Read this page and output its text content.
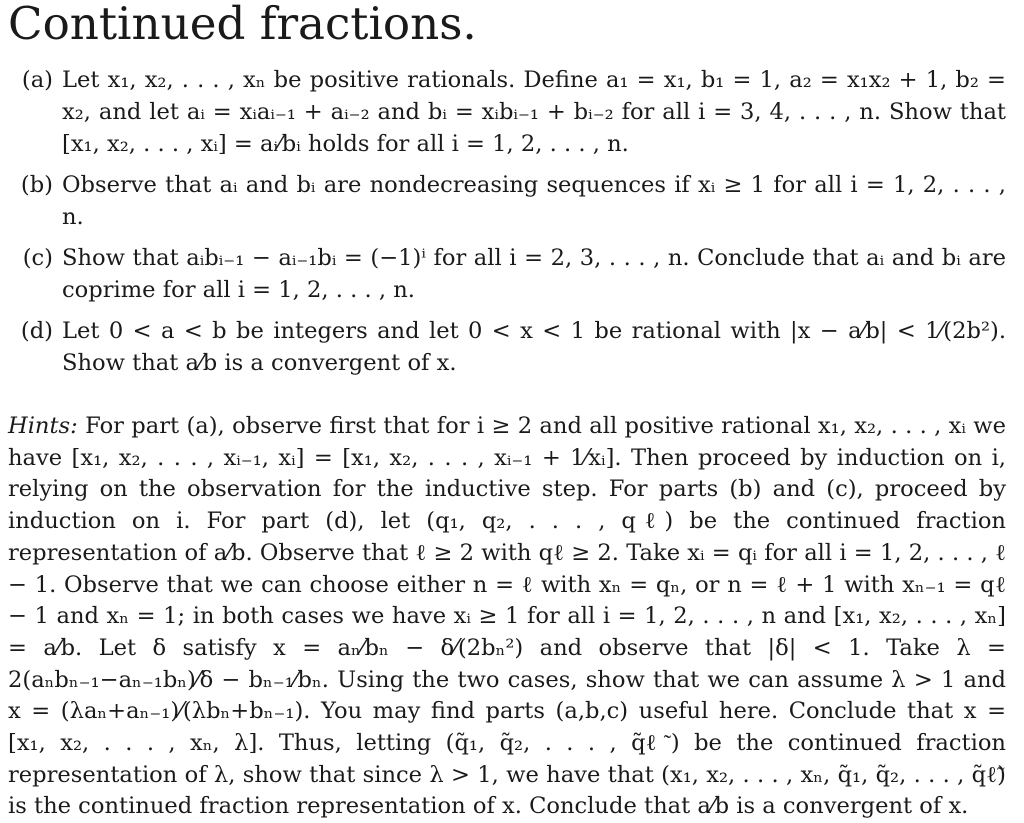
Continued fractions.
(a) Let x₁, x₂, . . . , xₙ be positive rationals. Define a₁ = x₁, b₁ = 1, a₂ = x₁x₂ + 1, b₂ = x₂, and let aᵢ = xᵢaᵢ₋₁ + aᵢ₋₂ and bᵢ = xᵢbᵢ₋₁ + bᵢ₋₂ for all i = 3, 4, . . . , n. Show that [x₁, x₂, . . . , xᵢ] = aᵢ⁄bᵢ holds for all i = 1, 2, . . . , n.
(b) Observe that aᵢ and bᵢ are nondecreasing sequences if xᵢ ≥ 1 for all i = 1, 2, . . . , n.
(c) Show that aᵢbᵢ₋₁ − aᵢ₋₁bᵢ = (−1)ⁱ for all i = 2, 3, . . . , n. Conclude that aᵢ and bᵢ are coprime for all i = 1, 2, . . . , n.
(d) Let 0 < a < b be integers and let 0 < x < 1 be rational with |x − a⁄b| < 1⁄(2b²). Show that a⁄b is a convergent of x.

Hints: For part (a), observe first that for i ≥ 2 and all positive rational x₁, x₂, . . . , xᵢ we have [x₁, x₂, . . . , xᵢ₋₁, xᵢ] = [x₁, x₂, . . . , xᵢ₋₁ + 1⁄xᵢ]. Then proceed by induction on i, relying on the observation for the inductive step. For parts (b) and (c), proceed by induction on i. For part (d), let (q₁, q₂, . . . , qℓ) be the continued fraction representation of a⁄b. Observe that ℓ ≥ 2 with qℓ ≥ 2. Take xᵢ = qᵢ for all i = 1, 2, . . . , ℓ − 1. Observe that we can choose either n = ℓ with xₙ = qₙ, or n = ℓ + 1 with xₙ₋₁ = qℓ − 1 and xₙ = 1; in both cases we have xᵢ ≥ 1 for all i = 1, 2, . . . , n and [x₁, x₂, . . . , xₙ] = a⁄b. Let δ satisfy x = aₙ⁄bₙ − δ⁄(2bₙ²) and observe that |δ| < 1. Take λ = 2(aₙbₙ₋₁−aₙ₋₁bₙ)⁄δ − bₙ₋₁⁄bₙ. Using the two cases, show that we can assume λ > 1 and x = (λaₙ+aₙ₋₁)⁄(λbₙ+bₙ₋₁). You may find parts (a,b,c) useful here. Conclude that x = [x₁, x₂, . . . , xₙ, λ]. Thus, letting (q̃₁, q̃₂, . . . , q̃ℓ̃) be the continued fraction representation of λ, show that since λ > 1, we have that (x₁, x₂, . . . , xₙ, q̃₁, q̃₂, . . . , q̃ℓ̃) is the continued fraction representation of x. Conclude that a⁄b is a convergent of x.
